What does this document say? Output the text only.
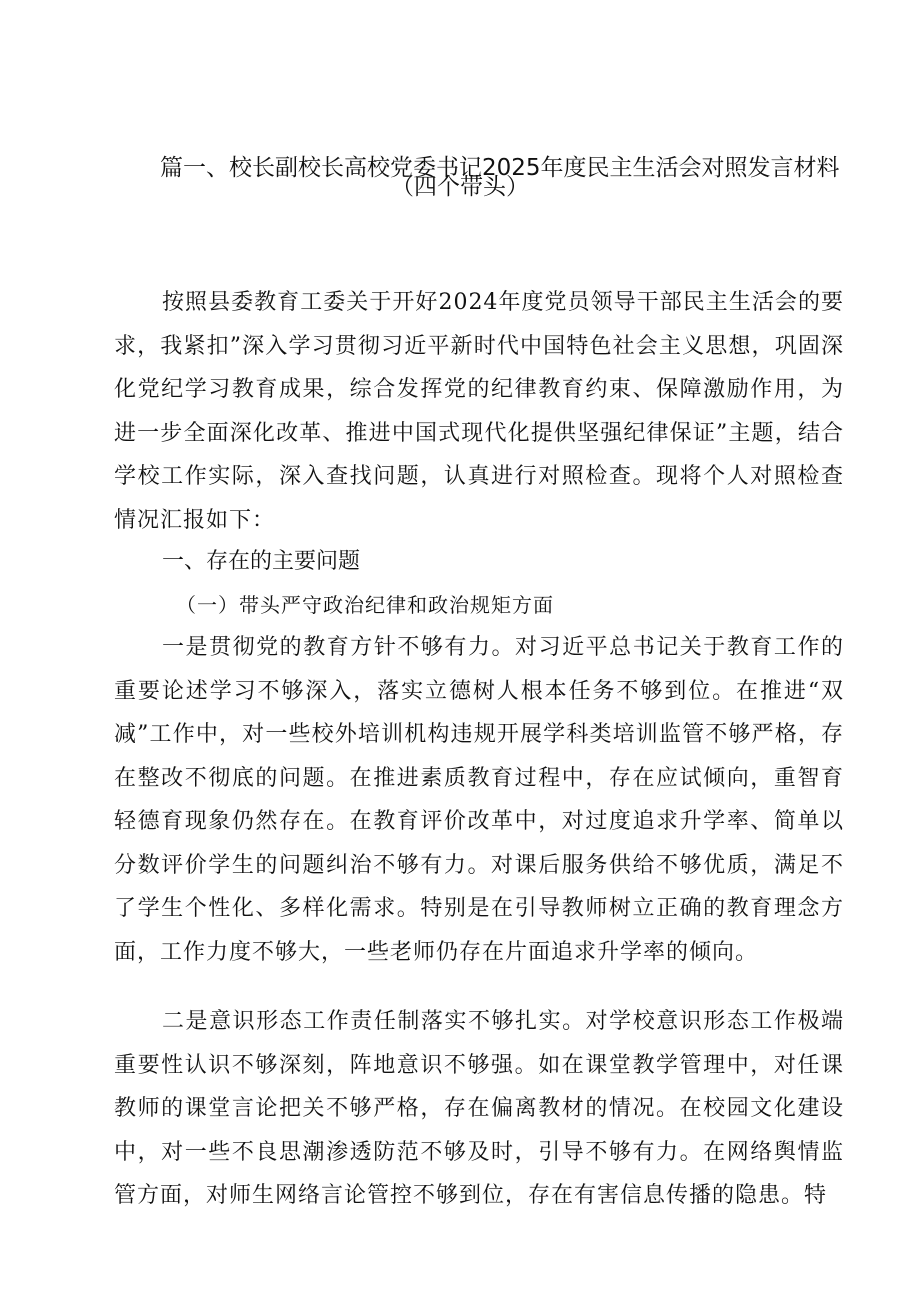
篇一、校长副校长高校党委书记2025年度民主生活会对照发言材料
（四个带头）

按照县委教育工委关于开好2024年度党员领导干部民主生活会的要求，我紧扣”深入学习贯彻习近平新时代中国特色社会主义思想，巩固深化党纪学习教育成果，综合发挥党的纪律教育约束、保障激励作用，为进一步全面深化改革、推进中国式现代化提供坚强纪律保证”主题，结合学校工作实际，深入查找问题，认真进行对照检查。现将个人对照检查情况汇报如下：

一、存在的主要问题
（一）带头严守政治纪律和政治规矩方面

一是贯彻党的教育方针不够有力。对习近平总书记关于教育工作的重要论述学习不够深入，落实立德树人根本任务不够到位。在推进“双减”工作中，对一些校外培训机构违规开展学科类培训监管不够严格，存在整改不彻底的问题。在推进素质教育过程中，存在应试倾向，重智育轻德育现象仍然存在。在教育评价改革中，对过度追求升学率、简单以分数评价学生的问题纠治不够有力。对课后服务供给不够优质，满足不了学生个性化、多样化需求。特别是在引导教师树立正确的教育理念方面，工作力度不够大，一些老师仍存在片面追求升学率的倾向。

二是意识形态工作责任制落实不够扎实。对学校意识形态工作极端重要性认识不够深刻，阵地意识不够强。如在课堂教学管理中，对任课教师的课堂言论把关不够严格，存在偏离教材的情况。在校园文化建设中，对一些不良思潮渗透防范不够及时，引导不够有力。在网络舆情监管方面，对师生网络言论管控不够到位，存在有害信息传播的隐患。特
